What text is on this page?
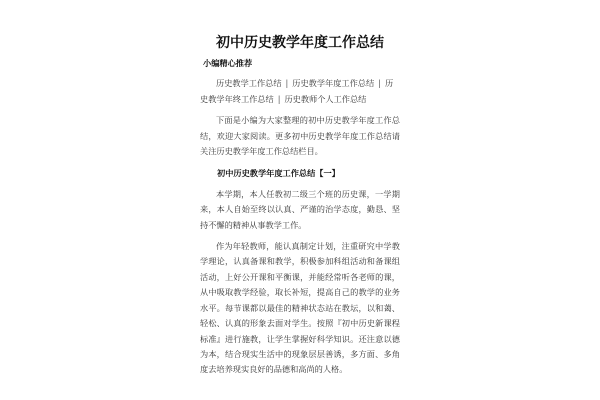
初中历史教学年度工作总结

小编精心推荐

历史教学工作总结 | 历史教学年度工作总结 | 历史教学年终工作总结 | 历史教师个人工作总结

下面是小编为大家整理的初中历史教学年度工作总结，欢迎大家阅读。更多初中历史教学年度工作总结请关注历史教学年度工作总结栏目。

初中历史教学年度工作总结【一】

本学期，本人任教初二级三个班的历史课，一学期来，本人自始至终以认真、严谨的治学态度，勤恳、坚持不懈的精神从事教学工作。

作为年轻教师，能认真制定计划，注重研究中学教学理论，认真备课和教学，积极参加科组活动和备课组活动，上好公开课和平衡课，并能经常听各老师的课，从中吸取教学经验，取长补短，提高自己的教学的业务水平。每节课都以最佳的精神状态站在教坛，以和蔼、轻松、认真的形象去面对学生。按照『初中历史新课程标准』进行施教，让学生掌握好科学知识。还注意以德为本，结合现实生活中的现象层层善诱，多方面、多角度去培养现实良好的品德和高尚的人格。
